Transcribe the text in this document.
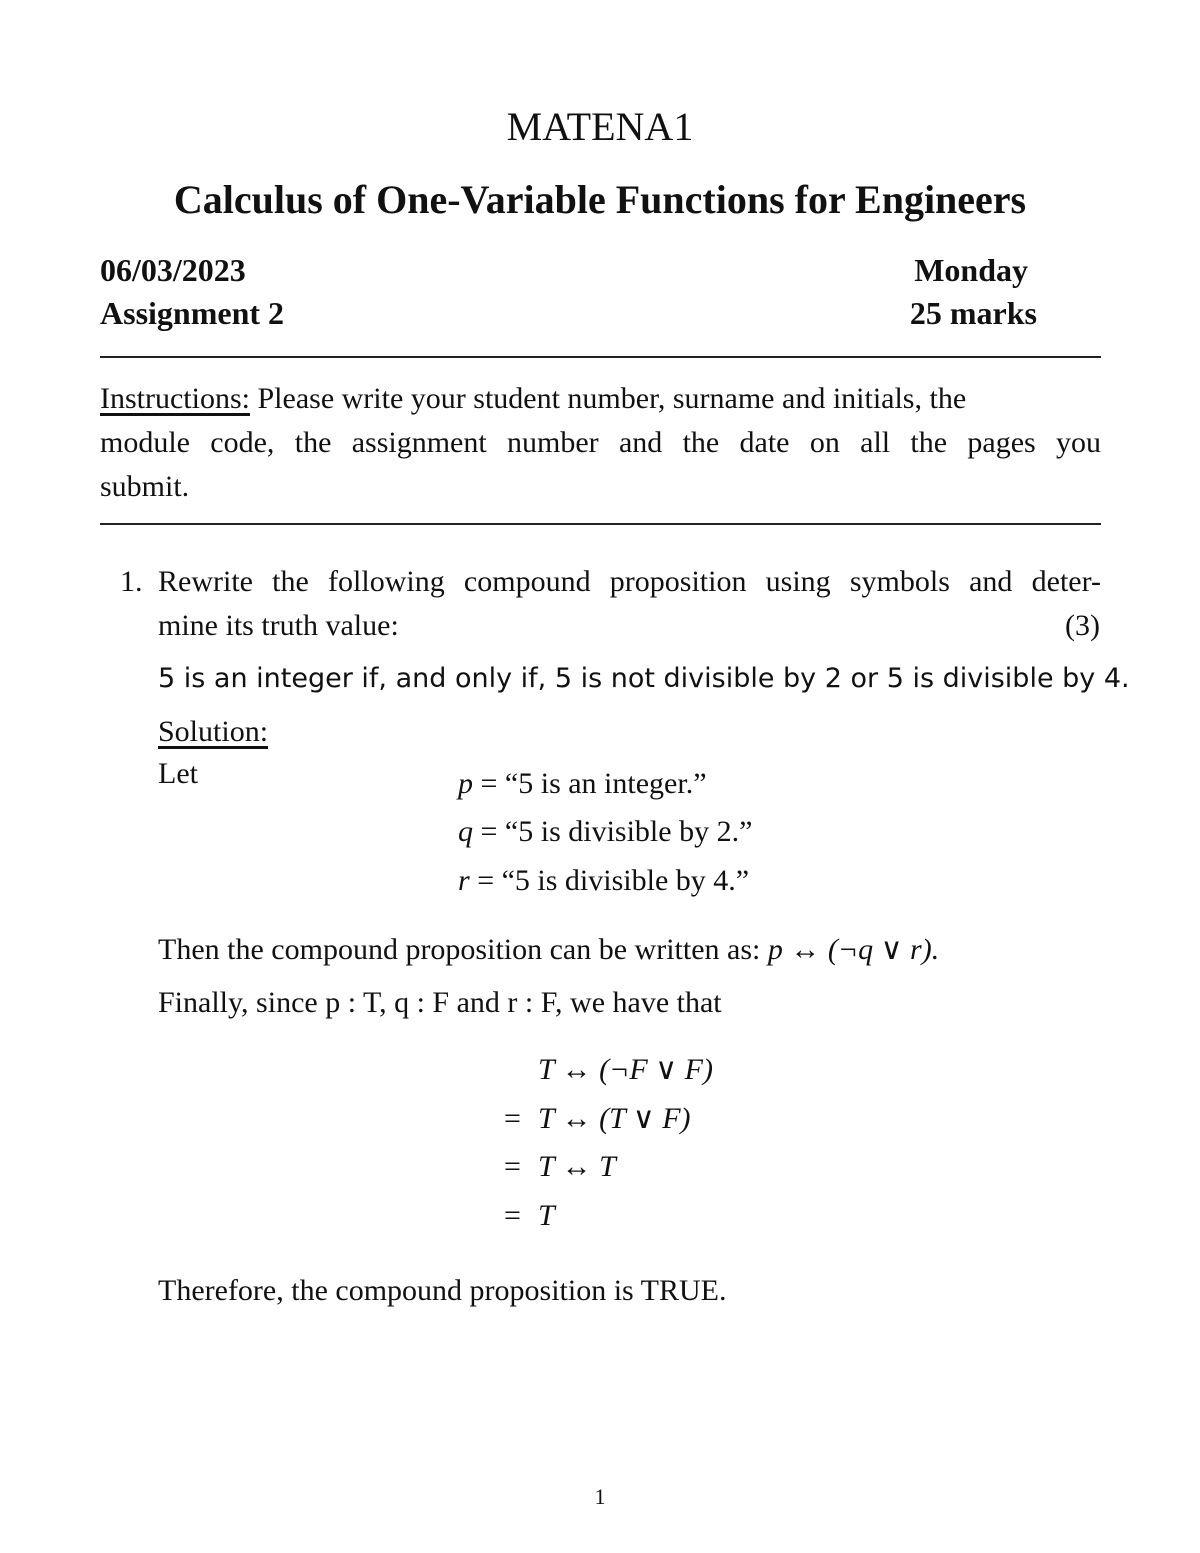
MATENA1
Calculus of One-Variable Functions for Engineers
06/03/2023	Monday
Assignment 2	25 marks
Instructions: Please write your student number, surname and initials, the
module code, the assignment number and the date on all the pages you
submit.
1. Rewrite the following compound proposition using symbols and deter-
mine its truth value:	(3)
5 is an integer if, and only if, 5 is not divisible by 2 or 5 is divisible by 4.
Solution:
Let	p = “5 is an integer.”
q = “5 is divisible by 2.”
r = “5 is divisible by 4.”
Then the compound proposition can be written as: p ↔ (¬q ∨ r).
Finally, since p : T, q : F and r : F, we have that
T ↔ (¬F ∨ F)
= T ↔ (T ∨ F)
= T ↔ T
= T
Therefore, the compound proposition is TRUE.
1
